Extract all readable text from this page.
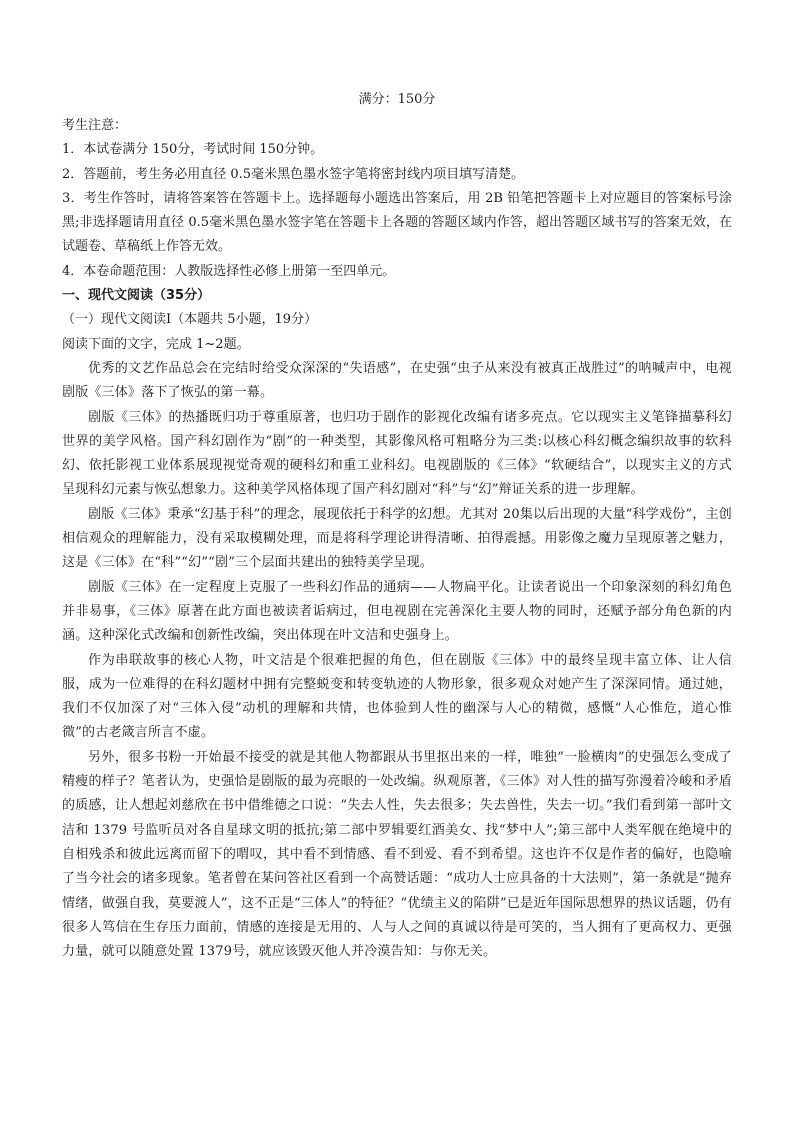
满分：150分

考生注意：

1．本试卷满分 150分，考试时间 150分钟。

2．答题前，考生务必用直径 0.5毫米黑色墨水签字笔将密封线内项目填写清楚。

3．考生作答时，请将答案答在答题卡上。选择题每小题选出答案后，用 2B 铅笔把答题卡上对应题目的答案标号涂黑;非选择题请用直径 0.5毫米黑色墨水签字笔在答题卡上各题的答题区域内作答，超出答题区域书写的答案无效，在试题卷、草稿纸上作答无效。

4．本卷命题范围：人教版选择性必修上册第一至四单元。

一、现代文阅读（35分）

（一）现代文阅读Ⅰ（本题共 5小题，19分）

阅读下面的文字，完成 1~2题。

优秀的文艺作品总会在完结时给受众深深的“失语感”，在史强“虫子从来没有被真正战胜过”的呐喊声中，电视剧版《三体》落下了恢弘的第一幕。

剧版《三体》的热播既归功于尊重原著，也归功于剧作的影视化改编有诸多亮点。它以现实主义笔锋描摹科幻世界的美学风格。国产科幻剧作为“剧”的一种类型，其影像风格可粗略分为三类:以核心科幻概念编织故事的软科幻、依托影视工业体系展现视觉奇观的硬科幻和重工业科幻。电视剧版的《三体》“软硬结合”，以现实主义的方式呈现科幻元素与恢弘想象力。这种美学风格体现了国产科幻剧对“科”与“幻”辩证关系的进一步理解。

剧版《三体》秉承“幻基于科”的理念，展现依托于科学的幻想。尤其对 20集以后出现的大量“科学戏份”，主创相信观众的理解能力，没有采取模糊处理，而是将科学理论讲得清晰、拍得震撼。用影像之魔力呈现原著之魅力，这是《三体》在“科”“幻”“剧”三个层面共建出的独特美学呈现。

剧版《三体》在一定程度上克服了一些科幻作品的通病——人物扁平化。让读者说出一个印象深刻的科幻角色并非易事，《三体》原著在此方面也被读者诟病过，但电视剧在完善深化主要人物的同时，还赋予部分角色新的内涵。这种深化式改编和创新性改编，突出体现在叶文洁和史强身上。

作为串联故事的核心人物，叶文洁是个很难把握的角色，但在剧版《三体》中的最终呈现丰富立体、让人信服，成为一位难得的在科幻题材中拥有完整蜕变和转变轨迹的人物形象，很多观众对她产生了深深同情。通过她，我们不仅加深了对“三体入侵”动机的理解和共情，也体验到人性的幽深与人心的精微，感慨“人心惟危，道心惟微”的古老箴言所言不虚。

另外，很多书粉一开始最不接受的就是其他人物都跟从书里抠出来的一样，唯独“一脸横肉”的史强怎么变成了精瘦的样子？笔者认为，史强恰是剧版的最为亮眼的一处改编。纵观原著，《三体》对人性的描写弥漫着冷峻和矛盾的质感，让人想起刘慈欣在书中借维德之口说：“失去人性，失去很多；失去兽性，失去一切。”我们看到第一部叶文洁和 1379 号监听员对各自星球文明的抵抗;第二部中罗辑要红酒美女、找“梦中人”;第三部中人类军舰在绝境中的自相残杀和彼此远离而留下的喟叹，其中看不到情感、看不到爱、看不到希望。这也许不仅是作者的偏好，也隐喻了当今社会的诸多现象。笔者曾在某问答社区看到一个高赞话题：“成功人士应具备的十大法则”，第一条就是“抛弃情绪，做强自我，莫要渡人”，这不正是“三体人”的特征？“优绩主义的陷阱”已是近年国际思想界的热议话题，仍有很多人笃信在生存压力面前，情感的连接是无用的、人与人之间的真诚以待是可笑的，当人拥有了更高权力、更强力量，就可以随意处置 1379号，就应该毁灭他人并冷漠告知：与你无关。
